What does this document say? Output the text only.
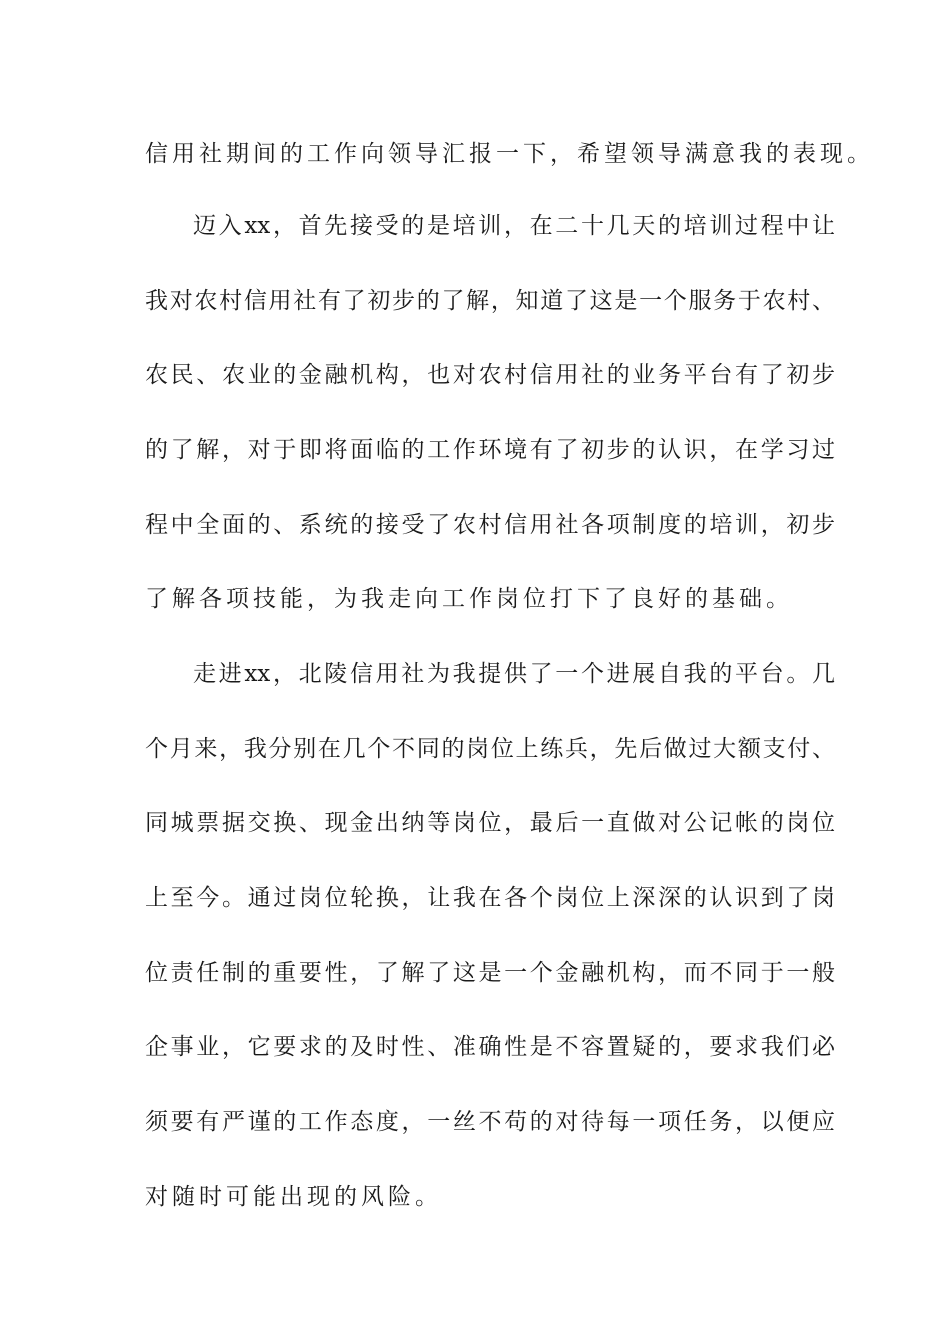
信用社期间的工作向领导汇报一下，希望领导满意我的表现。
迈入xx，首先接受的是培训，在二十几天的培训过程中让
我对农村信用社有了初步的了解，知道了这是一个服务于农村、
农民、农业的金融机构，也对农村信用社的业务平台有了初步
的了解，对于即将面临的工作环境有了初步的认识，在学习过
程中全面的、系统的接受了农村信用社各项制度的培训，初步
了解各项技能，为我走向工作岗位打下了良好的基础。
走进xx，北陵信用社为我提供了一个进展自我的平台。几
个月来，我分别在几个不同的岗位上练兵，先后做过大额支付、
同城票据交换、现金出纳等岗位，最后一直做对公记帐的岗位
上至今。通过岗位轮换，让我在各个岗位上深深的认识到了岗
位责任制的重要性，了解了这是一个金融机构，而不同于一般
企事业，它要求的及时性、准确性是不容置疑的，要求我们必
须要有严谨的工作态度，一丝不苟的对待每一项任务，以便应
对随时可能出现的风险。
